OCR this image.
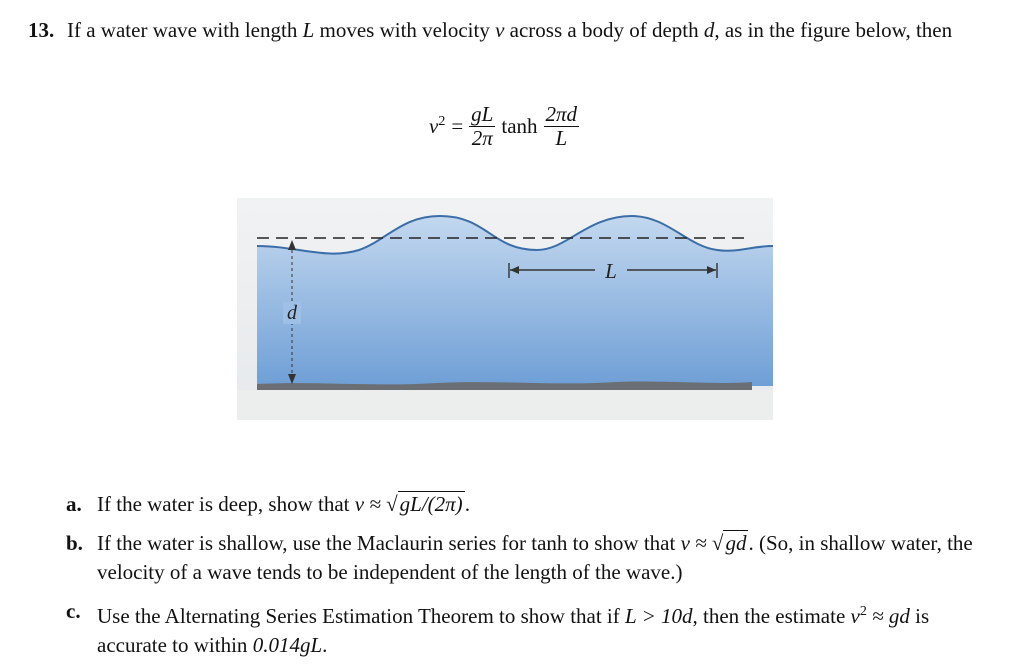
13. If a water wave with length L moves with velocity v across a body of depth d, as in the figure below, then
$v^2 = \frac{gL}{2\pi}$ $\tanh \frac{2\pi d}{L}$
d
L
a. If the water is deep, show that v ≈ √gL/(2π).
b. If the water is shallow, use the Maclaurin series for tanh to show that v ≈ √gd. (So, in shallow water, the velocity of a wave tends to be independent of the length of the wave.)
c. Use the Alternating Series Estimation Theorem to show that if L > 10d, then the estimate $v^2$ ≈ gd is accurate to within 0.014gL.
